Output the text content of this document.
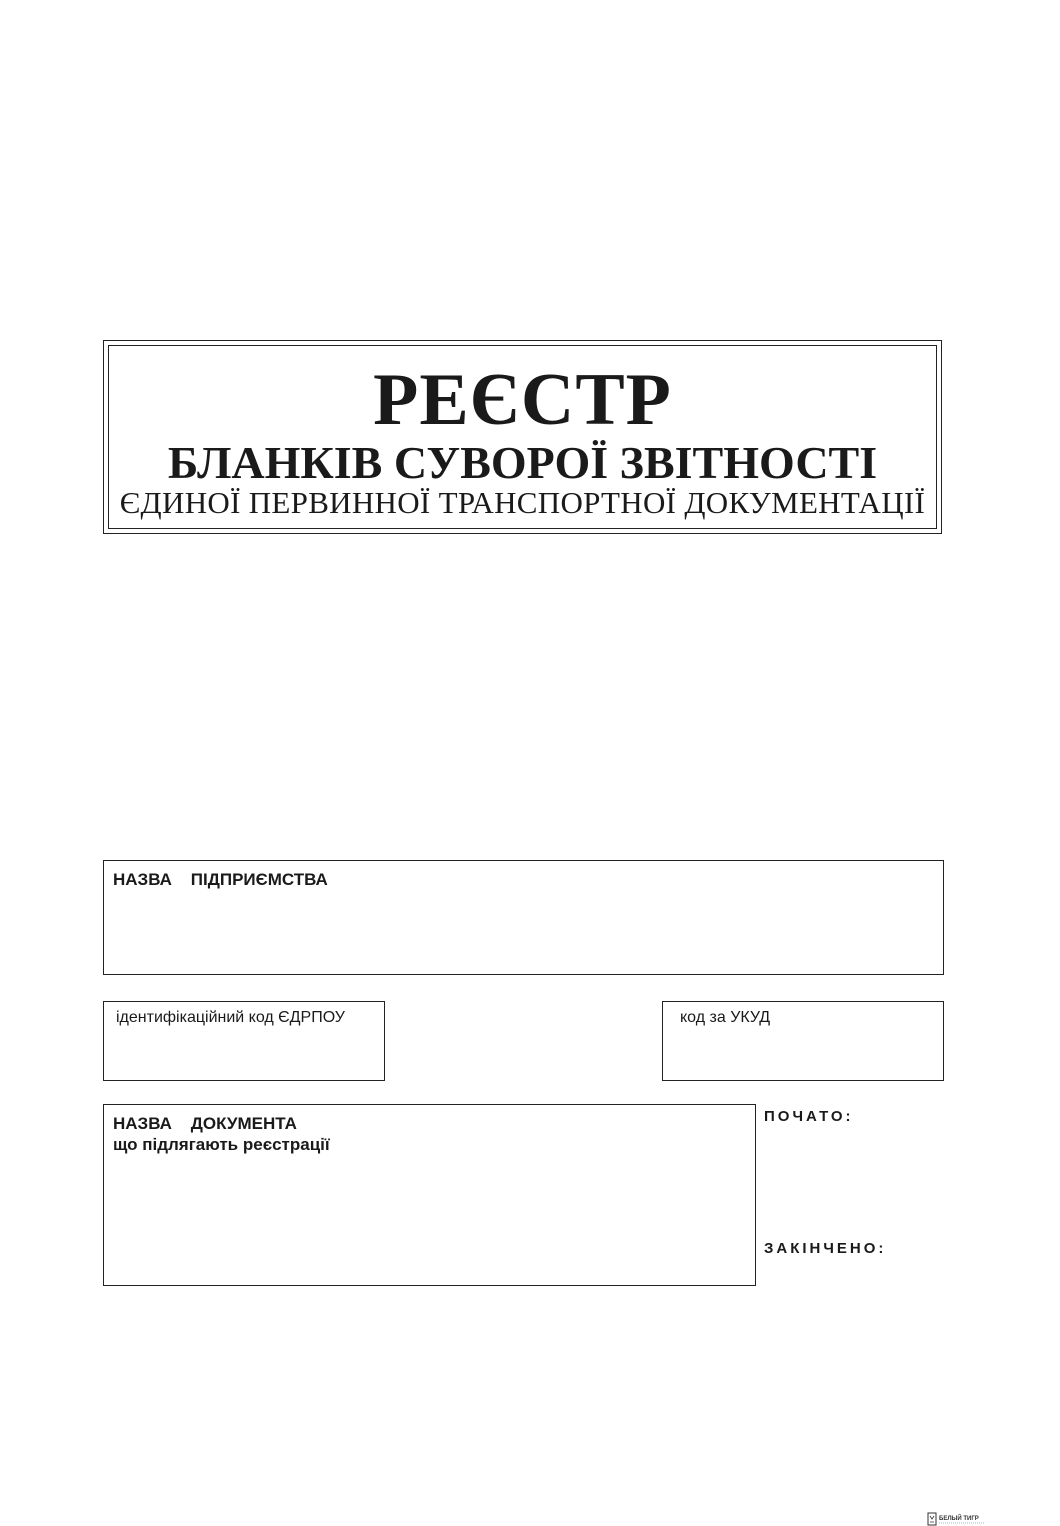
РЕЄСТР
БЛАНКІВ СУВОРОЇ ЗВІТНОСТІ
ЄДИНОЇ ПЕРВИННОЇ ТРАНСПОРТНОЇ ДОКУМЕНТАЦІЇ
НАЗВА    ПІДПРИЄМСТВА
ідентифікаційний код ЄДРПОУ	код за УКУД
НАЗВА    ДОКУМЕНТА
що підлягають реєстрації
ПОЧАТО:
ЗАКІНЧЕНО:
БЕЛЫЙ ТИГР
